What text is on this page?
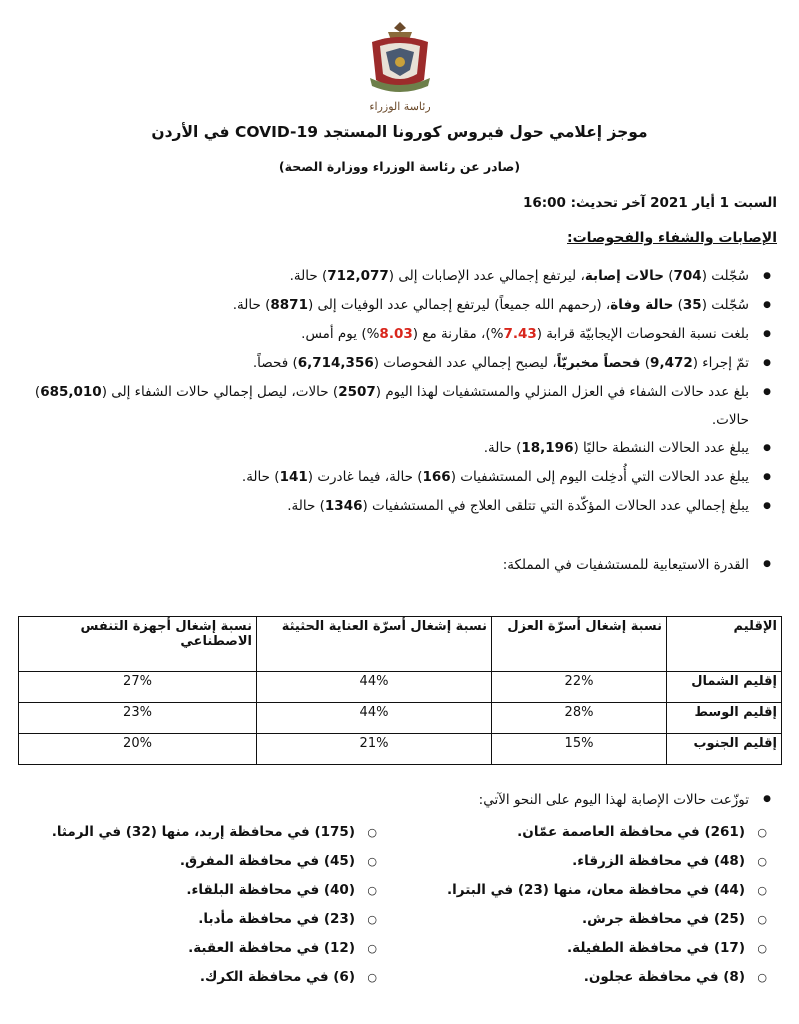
رئاسة الوزراء
موجز إعلامي حول فيروس كورونا المستجد COVID-19 في الأردن
(صادر عن رئاسة الوزراء ووزارة الصحة)
السبت 1 أيار 2021 آخر تحديث: 16:00
الإصابات والشفاء والفحوصات:
● سُجّلت (704) حالات إصابة، ليرتفع إجمالي عدد الإصابات إلى (712,077) حالة.
● سُجّلت (35) حالة وفاة، (رحمهم الله جميعاً) ليرتفع إجمالي عدد الوفيات إلى (8871) حالة.
● بلغت نسبة الفحوصات الإيجابيّة قرابة (7.43%)، مقارنة مع (8.03%) يوم أمس.
● تمّ إجراء (9,472) فحصاً مخبريّاً، ليصبح إجمالي عدد الفحوصات (6,714,356) فحصاً.
● بلغ عدد حالات الشفاء في العزل المنزلي والمستشفيات لهذا اليوم (2507) حالات، ليصل إجمالي حالات الشفاء إلى (685,010) حالات.
● يبلغ عدد الحالات النشطة حاليًا (18,196) حالة.
● يبلغ عدد الحالات التي أُدخِلت اليوم إلى المستشفيات (166) حالة، فيما غادرت (141) حالة.
● يبلغ إجمالي عدد الحالات المؤكّدة التي تتلقى العلاج في المستشفيات (1346) حالة.
● القدرة الاستيعابية للمستشفيات في المملكة:
الإقليم	نسبة إشغال أسرّة العزل	نسبة إشغال أسرّة العناية الحثيثة	نسبة إشغال أجهزة التنفس الاصطناعي
إقليم الشمال	22%	44%	27%
إقليم الوسط	28%	44%	23%
إقليم الجنوب	15%	21%	20%
● توزّعت حالات الإصابة لهذا اليوم على النحو الآتي:
○ (261) في محافظة العاصمة عمّان.
○ (48) في محافظة الزرقاء.
○ (44) في محافظة معان، منها (23) في البترا.
○ (25) في محافظة جرش.
○ (17) في محافظة الطفيلة.
○ (8) في محافظة عجلون.
○ (175) في محافظة إربد، منها (32) في الرمثا.
○ (45) في محافظة المفرق.
○ (40) في محافظة البلقاء.
○ (23) في محافظة مأدبا.
○ (12) في محافظة العقبة.
○ (6) في محافظة الكرك.
